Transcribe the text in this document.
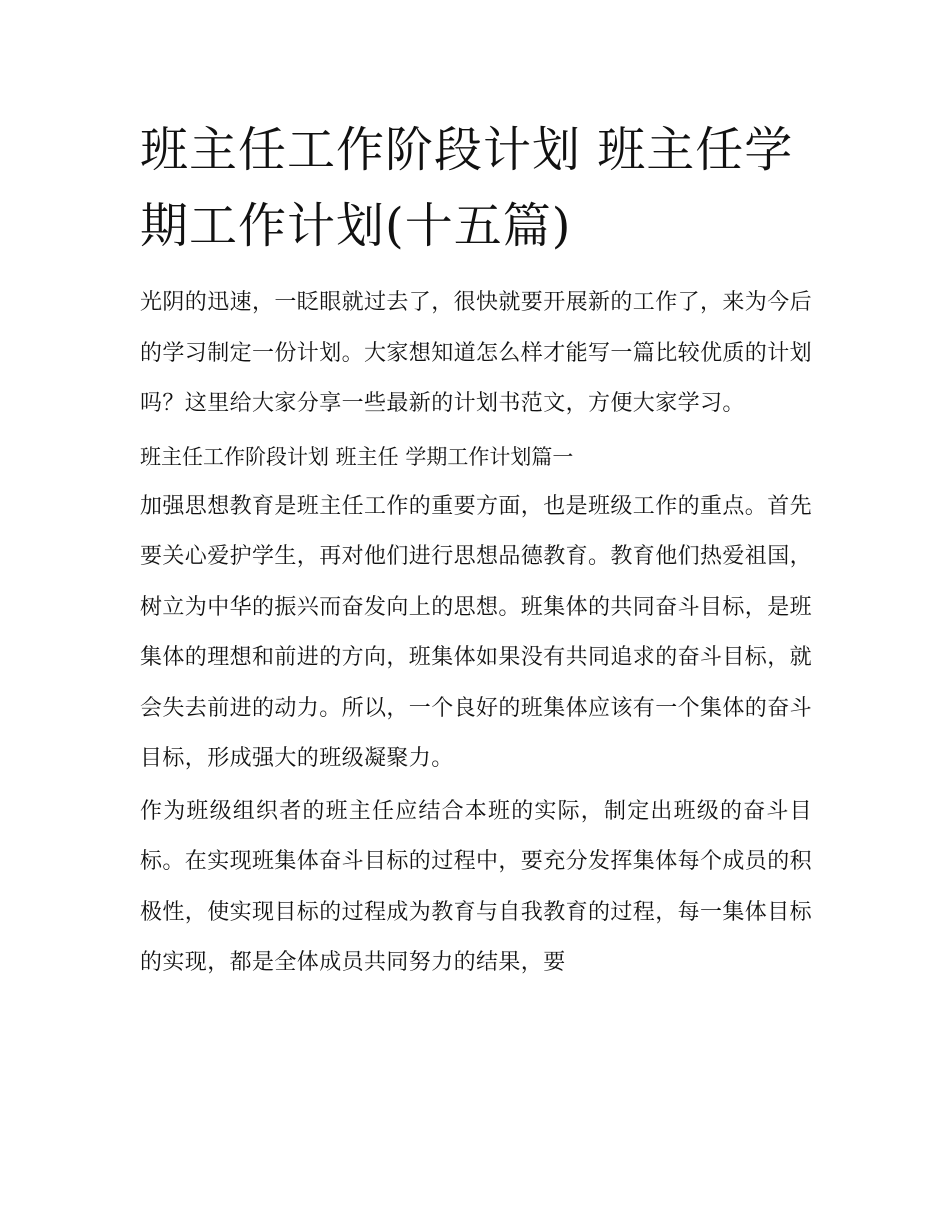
班主任工作阶段计划 班主任学期工作计划(十五篇)

光阴的迅速，一眨眼就过去了，很快就要开展新的工作了，来为今后的学习制定一份计划。大家想知道怎么样才能写一篇比较优质的计划吗？这里给大家分享一些最新的计划书范文，方便大家学习。

班主任工作阶段计划 班主任 学期工作计划篇一

加强思想教育是班主任工作的重要方面，也是班级工作的重点。首先要关心爱护学生，再对他们进行思想品德教育。教育他们热爱祖国，树立为中华的振兴而奋发向上的思想。班集体的共同奋斗目标，是班集体的理想和前进的方向，班集体如果没有共同追求的奋斗目标，就会失去前进的动力。所以，一个良好的班集体应该有一个集体的奋斗目标，形成强大的班级凝聚力。

作为班级组织者的班主任应结合本班的实际，制定出班级的奋斗目标。在实现班集体奋斗目标的过程中，要充分发挥集体每个成员的积极性，使实现目标的过程成为教育与自我教育的过程，每一集体目标的实现，都是全体成员共同努力的结果，要
